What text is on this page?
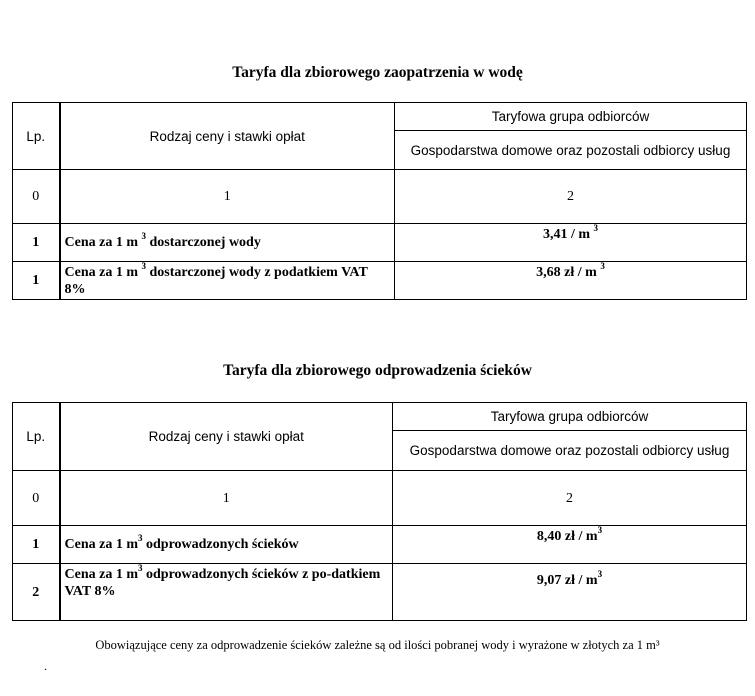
Taryfa dla zbiorowego zaopatrzenia w wodę
Lp.	Rodzaj ceny i stawki opłat	Taryfowa grupa odbiorców
		Gospodarstwa domowe oraz pozostali odbiorcy usług
0	1	2
1	Cena za 1 m $^3$ dostarczonej wody	3,41 / m $^3$
1	Cena za 1 m $^3$ dostarczonej wody z podatkiem VAT 8%	3,68 zł / m $^3$
Taryfa dla zbiorowego odprowadzenia ścieków
Lp.	Rodzaj ceny i stawki opłat	Taryfowa grupa odbiorców
		Gospodarstwa domowe oraz pozostali odbiorcy usług
0	1	2
1	Cena za 1 $m^3$ odprowadzonych ścieków	8,40 zł / $m^3$
2	Cena za 1 $m^3$ odprowadzonych ścieków z po-datkiem VAT 8%	9,07 zł / $m^3$
Obowiązujące ceny za odprowadzenie ścieków zależne są od ilości pobranej wody i wyrażone w złotych za 1 m³
.
